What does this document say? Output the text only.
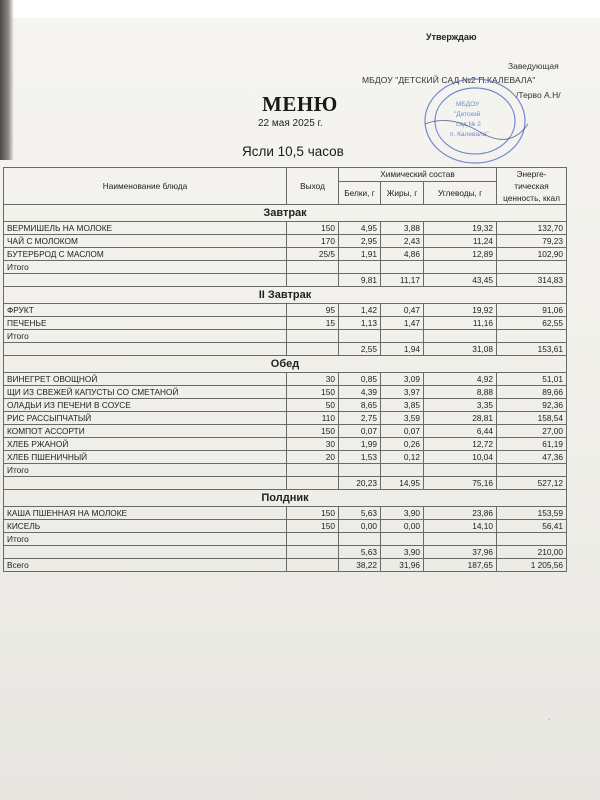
Утверждаю
Заведующая
МБДОУ "ДЕТСКИЙ САД №2 П.КАЛЕВАЛА"
/Терво А.Н/
МБДОУ
"Детский
сад № 2
п. Калевала"
МЕНЮ
22 мая 2025 г.
Ясли 10,5 часов
Наименование блюда	Выход	Химический состав			Энерге-тическая ценность, ккал
		Белки, г	Жиры, г	Углеводы, г	
Завтрак					
ВЕРМИШЕЛЬ НА МОЛОКЕ	150	4,95	3,88	19,32	132,70
ЧАЙ С МОЛОКОМ	170	2,95	2,43	11,24	79,23
БУТЕРБРОД С МАСЛОМ	25/5	1,91	4,86	12,89	102,90
Итого					
		9,81	11,17	43,45	314,83
II Завтрак					
ФРУКТ	95	1,42	0,47	19,92	91,06
ПЕЧЕНЬЕ	15	1,13	1,47	11,16	62,55
Итого					
		2,55	1,94	31,08	153,61
Обед					
ВИНЕГРЕТ ОВОЩНОЙ	30	0,85	3,09	4,92	51,01
ЩИ ИЗ СВЕЖЕЙ КАПУСТЫ СО СМЕТАНОЙ	150	4,39	3,97	8,88	89,66
ОЛАДЬИ ИЗ ПЕЧЕНИ В СОУСЕ	50	8,65	3,85	3,35	92,36
РИС РАССЫПЧАТЫЙ	110	2,75	3,59	28,81	158,54
КОМПОТ АССОРТИ	150	0,07	0,07	6,44	27,00
ХЛЕБ РЖАНОЙ	30	1,99	0,26	12,72	61,19
ХЛЕБ ПШЕНИЧНЫЙ	20	1,53	0,12	10,04	47,36
Итого					
		20,23	14,95	75,16	527,12
Полдник					
КАША ПШЕННАЯ НА МОЛОКЕ	150	5,63	3,90	23,86	153,59
КИСЕЛЬ	150	0,00	0,00	14,10	56,41
Итого					
		5,63	3,90	37,96	210,00
Всего		38,22	31,96	187,65	1 205,56
·
